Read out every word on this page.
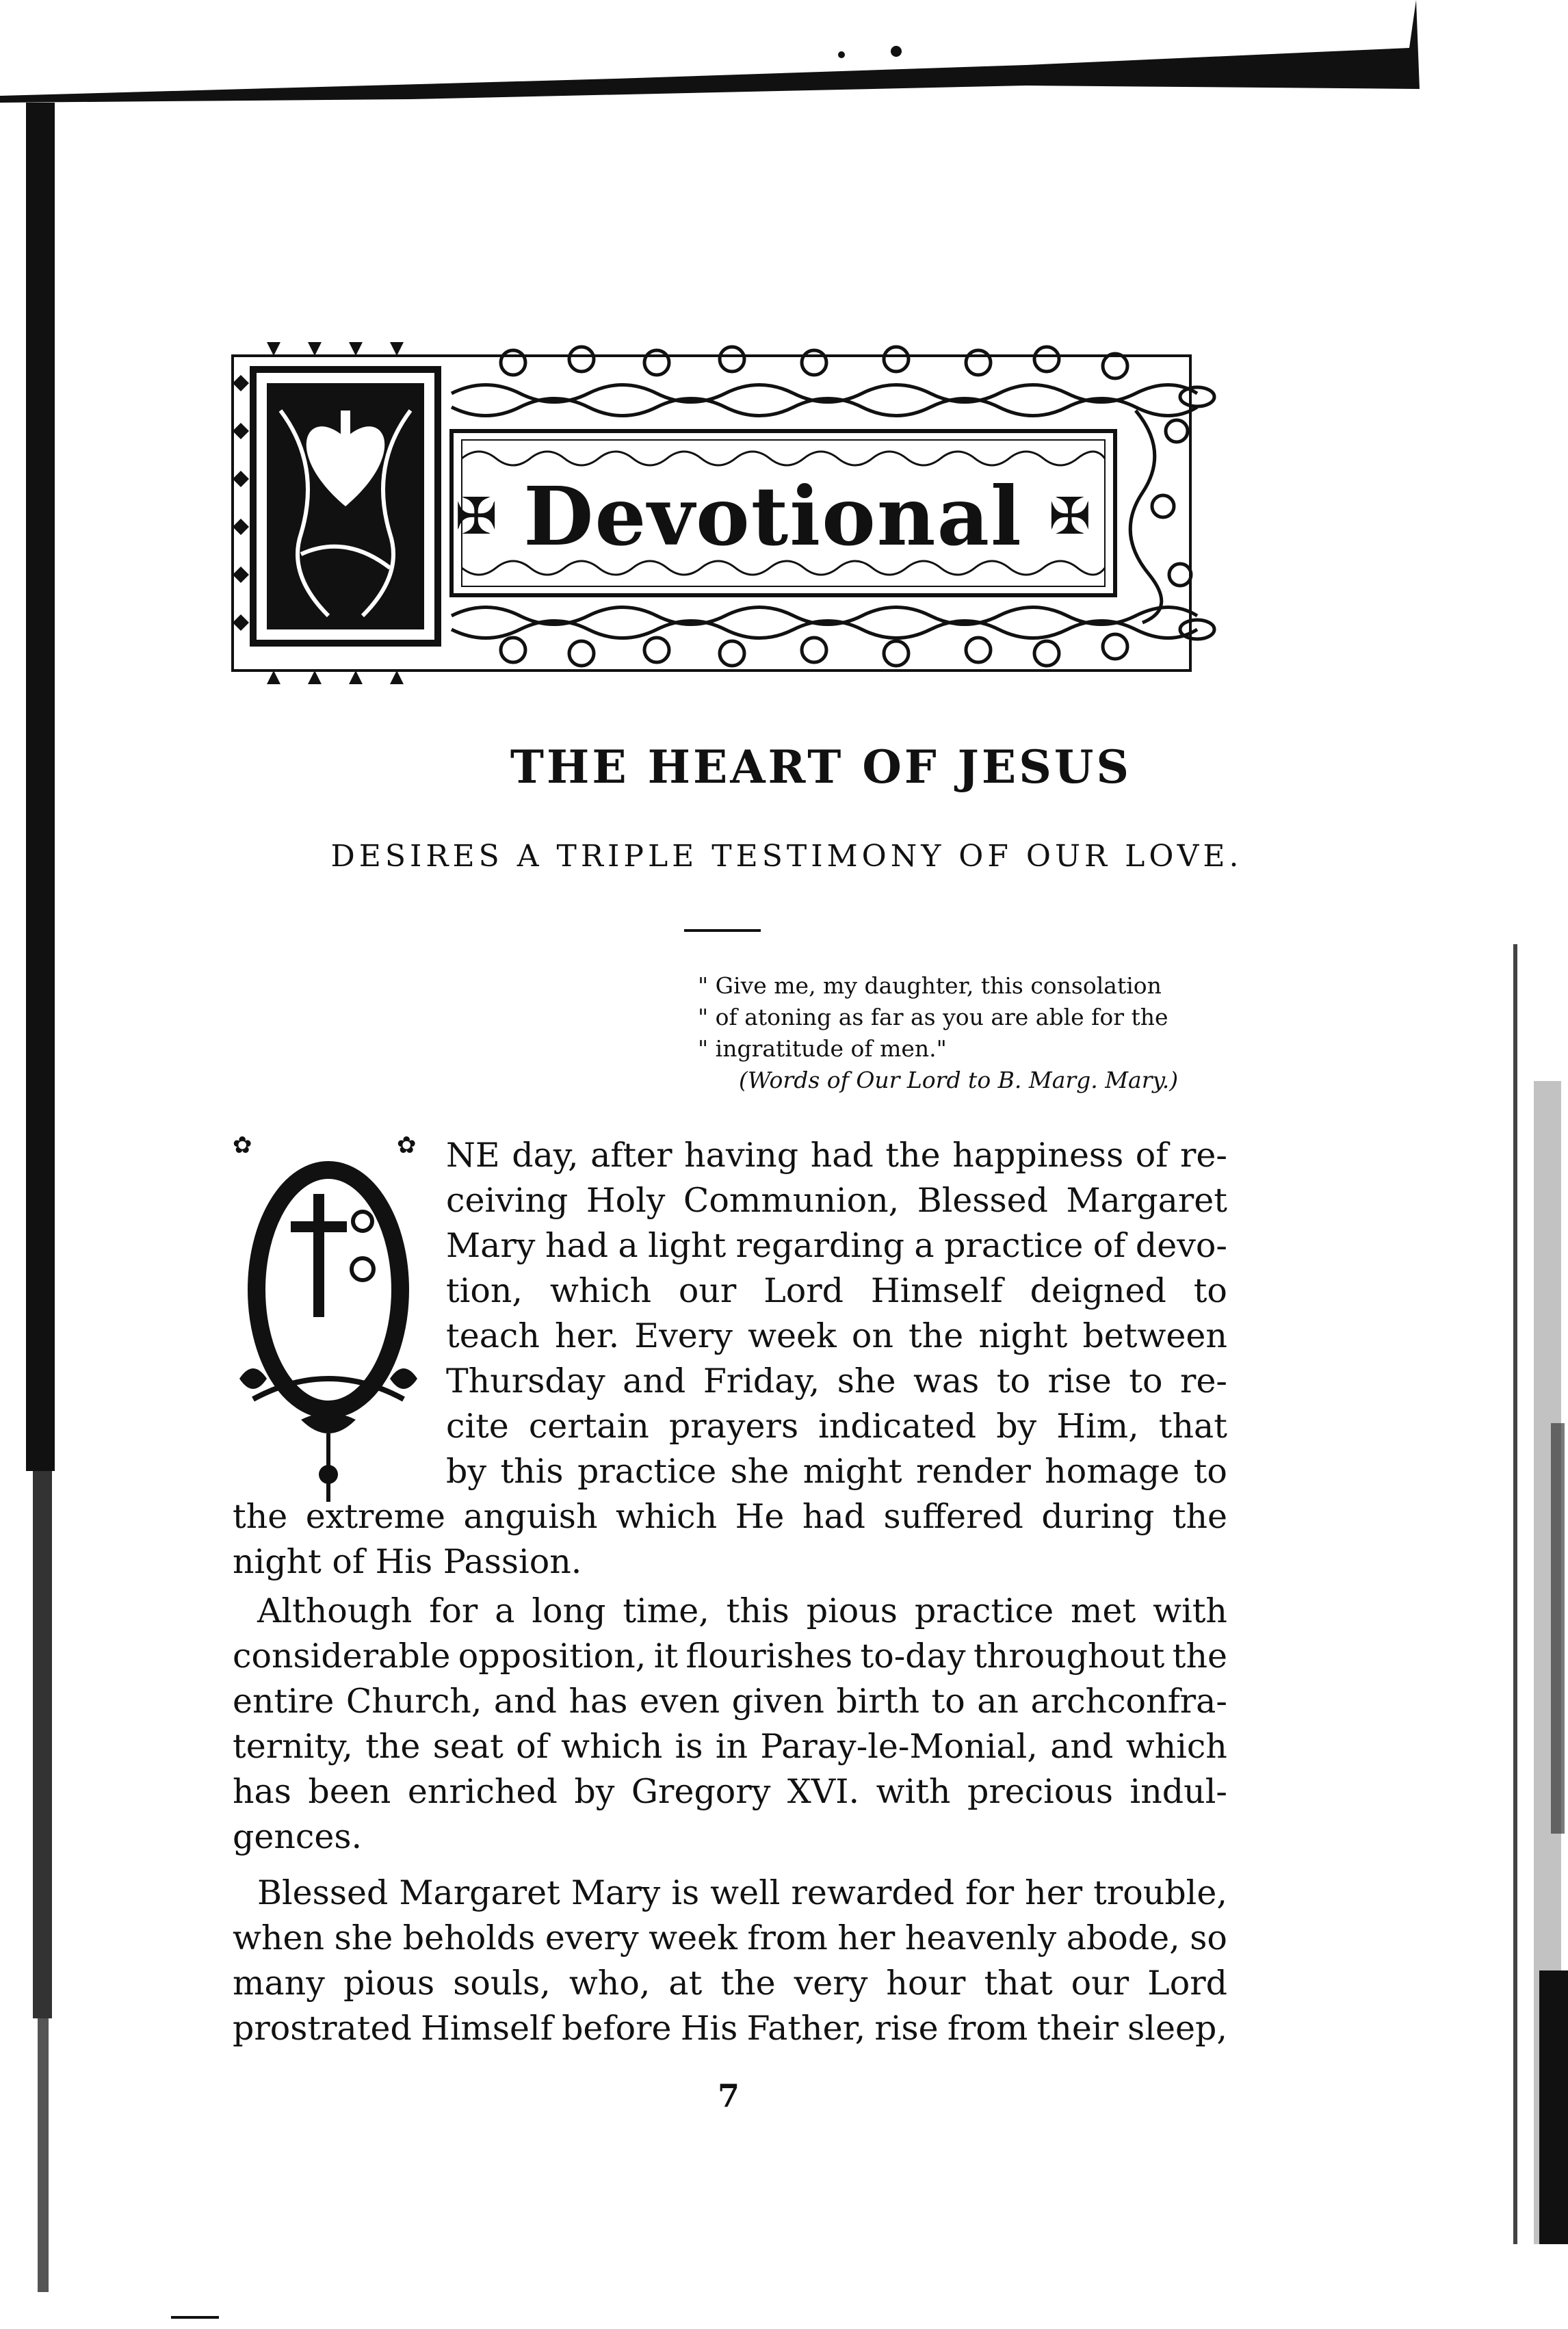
✠ Devotional ✠
THE HEART OF JESUS
DESIRES A TRIPLE TESTIMONY OF OUR LOVE.
" Give me, my daughter, this consolation
" of atoning as far as you are able for the
" ingratitude of men."
(Words of Our Lord to B. Marg. Mary.)
✿	✿
O
NE day, after having had the happiness of re-
ceiving Holy Communion, Blessed Margaret
Mary had a light regarding a practice of devo-
tion, which our Lord Himself deigned to
teach her. Every week on the night between
Thursday and Friday, she was to rise to re-
cite certain prayers indicated by Him, that
by this practice she might render homage to
the extreme anguish which He had suffered during the
night of His Passion.
Although for a long time, this pious practice met with
considerable opposition, it flourishes to-day throughout the
entire Church, and has even given birth to an archconfra-
ternity, the seat of which is in Paray-le-Monial, and which
has been enriched by Gregory XVI. with precious indul-
gences.
Blessed Margaret Mary is well rewarded for her trouble,
when she beholds every week from her heavenly abode, so
many pious souls, who, at the very hour that our Lord
prostrated Himself before His Father, rise from their sleep,
7
